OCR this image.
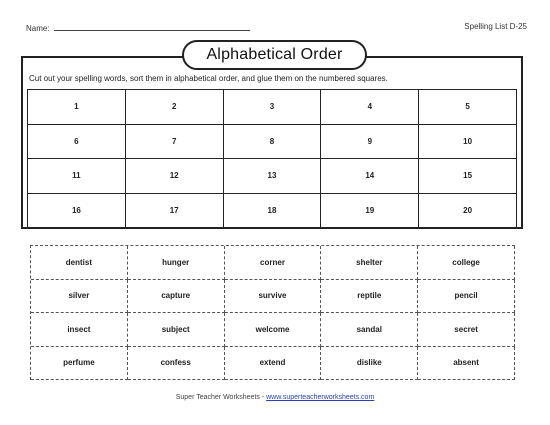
Name:	Spelling List D-25
Alphabetical Order
Cut out your spelling words, sort them in alphabetical order, and glue them on the numbered squares.
1	2	3	4	5
6	7	8	9	10
11	12	13	14	15
16	17	18	19	20
dentist	hunger	corner	shelter	college
silver	capture	survive	reptile	pencil
insect	subject	welcome	sandal	secret
perfume	confess	extend	dislike	absent
Super Teacher Worksheets - www.superteacherworksheets.com
